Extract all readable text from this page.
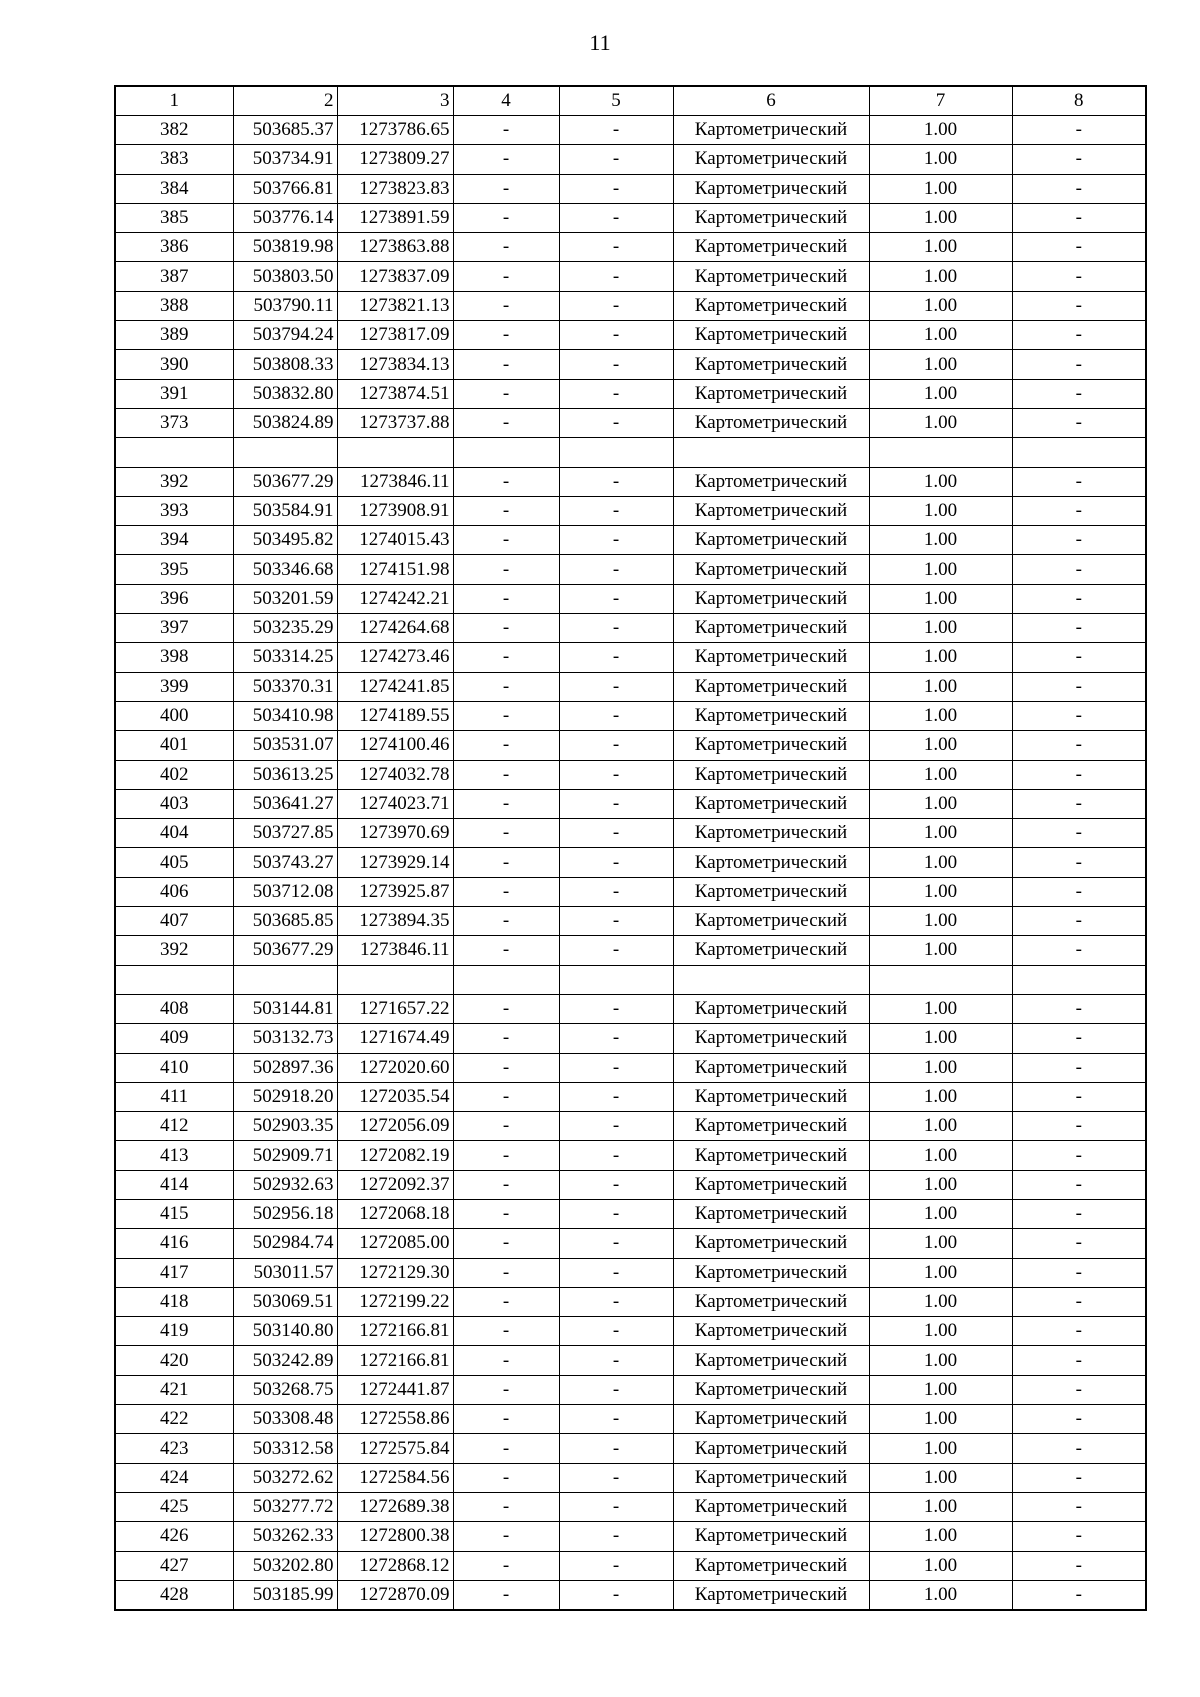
11
1	2	3	4	5	6	7	8
382	503685.37	1273786.65	-	-	Картометрический	1.00	-
383	503734.91	1273809.27	-	-	Картометрический	1.00	-
384	503766.81	1273823.83	-	-	Картометрический	1.00	-
385	503776.14	1273891.59	-	-	Картометрический	1.00	-
386	503819.98	1273863.88	-	-	Картометрический	1.00	-
387	503803.50	1273837.09	-	-	Картометрический	1.00	-
388	503790.11	1273821.13	-	-	Картометрический	1.00	-
389	503794.24	1273817.09	-	-	Картометрический	1.00	-
390	503808.33	1273834.13	-	-	Картометрический	1.00	-
391	503832.80	1273874.51	-	-	Картометрический	1.00	-
373	503824.89	1273737.88	-	-	Картометрический	1.00	-

392	503677.29	1273846.11	-	-	Картометрический	1.00	-
393	503584.91	1273908.91	-	-	Картометрический	1.00	-
394	503495.82	1274015.43	-	-	Картометрический	1.00	-
395	503346.68	1274151.98	-	-	Картометрический	1.00	-
396	503201.59	1274242.21	-	-	Картометрический	1.00	-
397	503235.29	1274264.68	-	-	Картометрический	1.00	-
398	503314.25	1274273.46	-	-	Картометрический	1.00	-
399	503370.31	1274241.85	-	-	Картометрический	1.00	-
400	503410.98	1274189.55	-	-	Картометрический	1.00	-
401	503531.07	1274100.46	-	-	Картометрический	1.00	-
402	503613.25	1274032.78	-	-	Картометрический	1.00	-
403	503641.27	1274023.71	-	-	Картометрический	1.00	-
404	503727.85	1273970.69	-	-	Картометрический	1.00	-
405	503743.27	1273929.14	-	-	Картометрический	1.00	-
406	503712.08	1273925.87	-	-	Картометрический	1.00	-
407	503685.85	1273894.35	-	-	Картометрический	1.00	-
392	503677.29	1273846.11	-	-	Картометрический	1.00	-

408	503144.81	1271657.22	-	-	Картометрический	1.00	-
409	503132.73	1271674.49	-	-	Картометрический	1.00	-
410	502897.36	1272020.60	-	-	Картометрический	1.00	-
411	502918.20	1272035.54	-	-	Картометрический	1.00	-
412	502903.35	1272056.09	-	-	Картометрический	1.00	-
413	502909.71	1272082.19	-	-	Картометрический	1.00	-
414	502932.63	1272092.37	-	-	Картометрический	1.00	-
415	502956.18	1272068.18	-	-	Картометрический	1.00	-
416	502984.74	1272085.00	-	-	Картометрический	1.00	-
417	503011.57	1272129.30	-	-	Картометрический	1.00	-
418	503069.51	1272199.22	-	-	Картометрический	1.00	-
419	503140.80	1272166.81	-	-	Картометрический	1.00	-
420	503242.89	1272166.81	-	-	Картометрический	1.00	-
421	503268.75	1272441.87	-	-	Картометрический	1.00	-
422	503308.48	1272558.86	-	-	Картометрический	1.00	-
423	503312.58	1272575.84	-	-	Картометрический	1.00	-
424	503272.62	1272584.56	-	-	Картометрический	1.00	-
425	503277.72	1272689.38	-	-	Картометрический	1.00	-
426	503262.33	1272800.38	-	-	Картометрический	1.00	-
427	503202.80	1272868.12	-	-	Картометрический	1.00	-
428	503185.99	1272870.09	-	-	Картометрический	1.00	-
